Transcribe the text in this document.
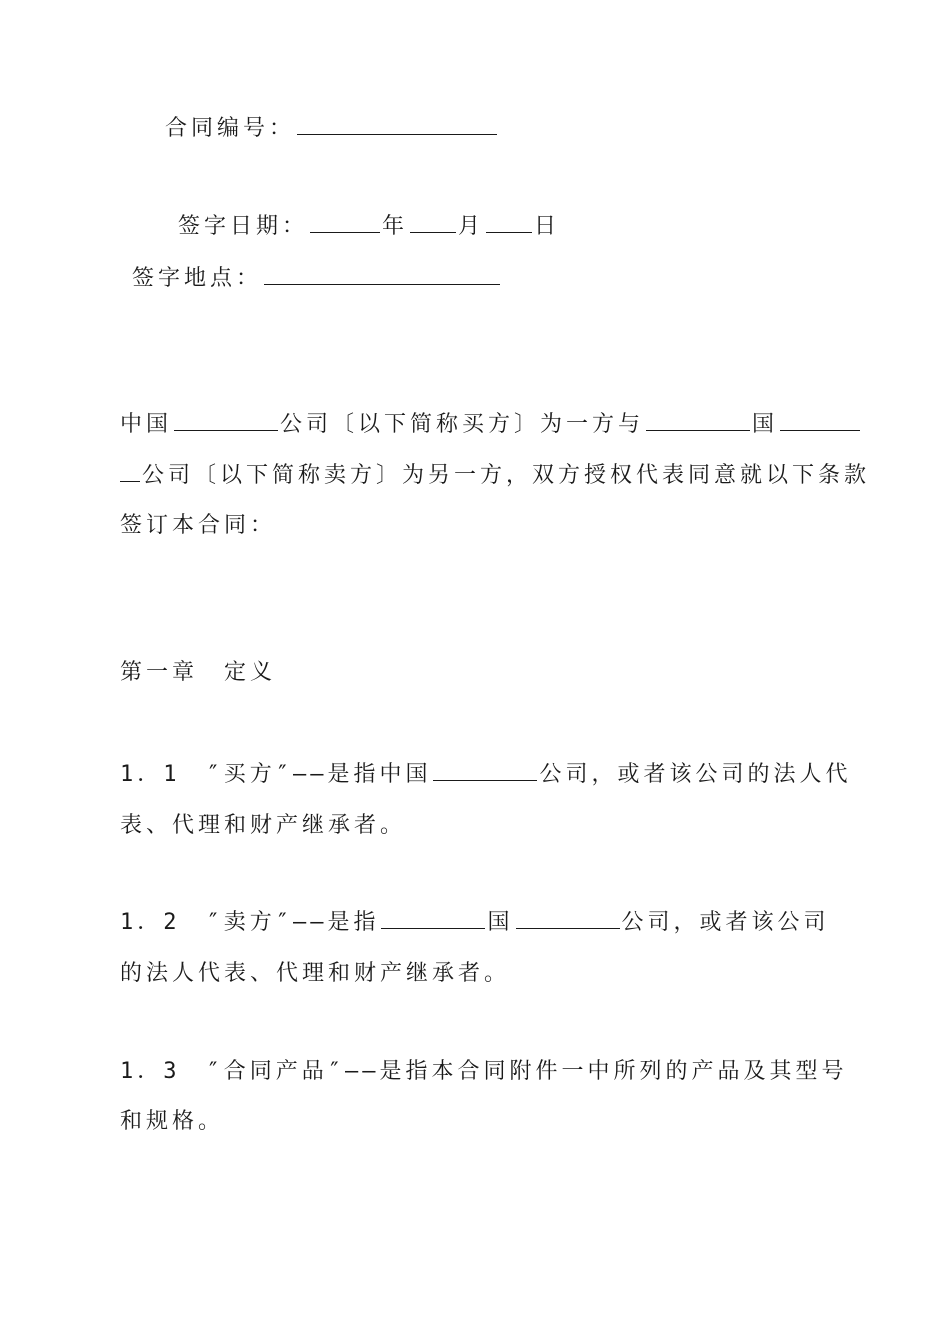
合同编号：
签字日期：	年 月 日
签字地点：
中国	公司〔以下简称买方〕为一方与	国
公司〔以下简称卖方〕为另一方，双方授权代表同意就以下条款
签订本合同：
第一章　定义
1．1　″买方″——是指中国	公司，或者该公司的法人代
表、代理和财产继承者。
1．2　″卖方″——是指	国	公司，或者该公司
的法人代表、代理和财产继承者。
1．3　″合同产品″——是指本合同附件一中所列的产品及其型号
和规格。
